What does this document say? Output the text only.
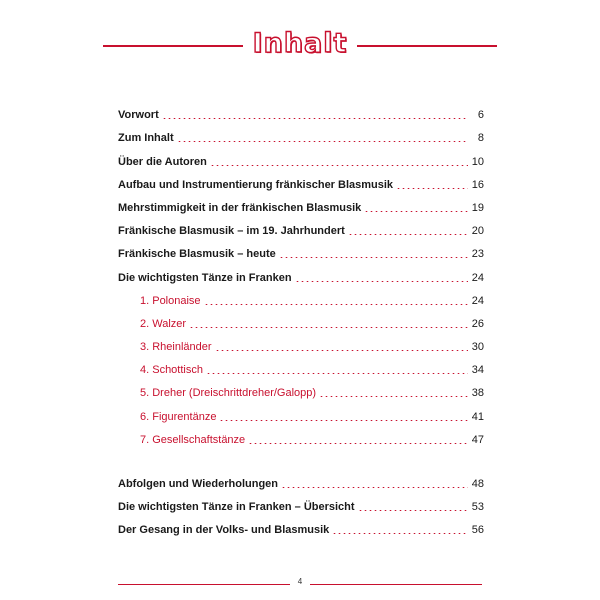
Inhalt
Vorwort	6
Zum Inhalt	8
Über die Autoren	10
Aufbau und Instrumentierung fränkischer Blasmusik	16
Mehrstimmigkeit in der fränkischen Blasmusik	19
Fränkische Blasmusik – im 19. Jahrhundert	20
Fränkische Blasmusik – heute	23
Die wichtigsten Tänze in Franken	24
1. Polonaise	24
2. Walzer	26
3. Rheinländer	30
4. Schottisch	34
5. Dreher (Dreischrittdreher/Galopp)	38
6. Figurentänze	41
7. Gesellschaftstänze	47
Abfolgen und Wiederholungen	48
Die wichtigsten Tänze in Franken – Übersicht	53
Der Gesang in der Volks- und Blasmusik	56
4
